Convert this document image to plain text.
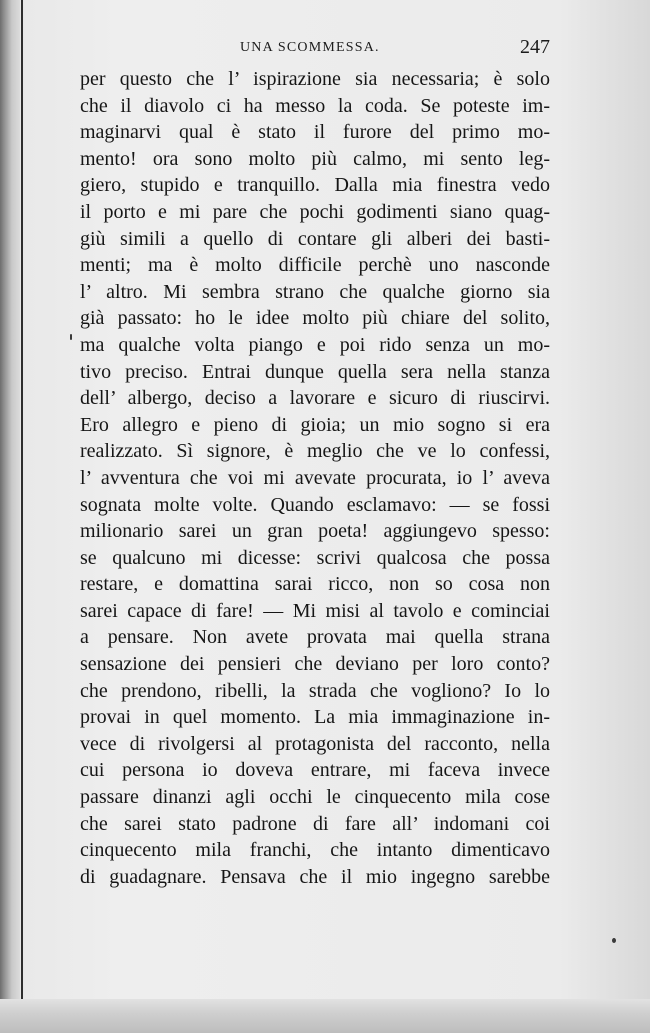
UNA SCOMMESSA.	247
per questo che l’ ispirazione sia necessaria; è solo
che il diavolo ci ha messo la coda. Se poteste im-
maginarvi qual è stato il furore del primo mo-
mento! ora sono molto più calmo, mi sento leg-
giero, stupido e tranquillo. Dalla mia finestra vedo
il porto e mi pare che pochi godimenti siano quag-
giù simili a quello di contare gli alberi dei basti-
menti; ma è molto difficile perchè uno nasconde
l’ altro. Mi sembra strano che qualche giorno sia
già passato: ho le idee molto più chiare del solito,
ma qualche volta piango e poi rido senza un mo-
tivo preciso. Entrai dunque quella sera nella stanza
dell’ albergo, deciso a lavorare e sicuro di riuscirvi.
Ero allegro e pieno di gioia; un mio sogno si era
realizzato. Sì signore, è meglio che ve lo confessi,
l’ avventura che voi mi avevate procurata, io l’ aveva
sognata molte volte. Quando esclamavo: — se fossi
milionario sarei un gran poeta! aggiungevo spesso:
se qualcuno mi dicesse: scrivi qualcosa che possa
restare, e domattina sarai ricco, non so cosa non
sarei capace di fare! — Mi misi al tavolo e cominciai
a pensare. Non avete provata mai quella strana
sensazione dei pensieri che deviano per loro conto?
che prendono, ribelli, la strada che vogliono? Io lo
provai in quel momento. La mia immaginazione in-
vece di rivolgersi al protagonista del racconto, nella
cui persona io doveva entrare, mi faceva invece
passare dinanzi agli occhi le cinquecento mila cose
che sarei stato padrone di fare all’ indomani coi
cinquecento mila franchi, che intanto dimenticavo
di guadagnare. Pensava che il mio ingegno sarebbe
